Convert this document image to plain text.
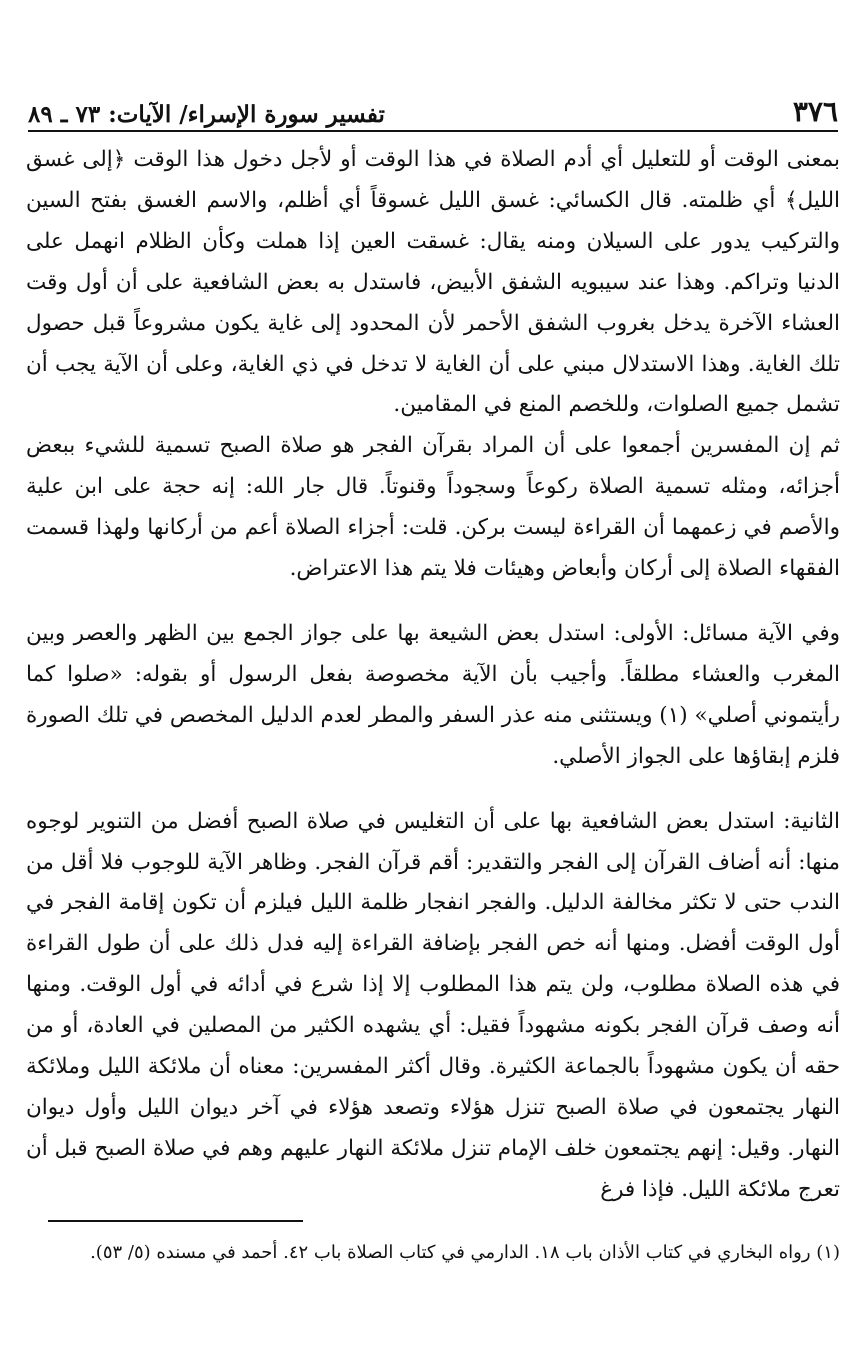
٣٧٦
تفسير سورة الإسراء/ الآيات: ٧٣ ـ ٨٩

بمعنى الوقت أو للتعليل أي أدم الصلاة في هذا الوقت أو لأجل دخول هذا الوقت ﴿إلى غسق الليل﴾ أي ظلمته. قال الكسائي: غسق الليل غسوقاً أي أظلم، والاسم الغسق بفتح السين والتركيب يدور على السيلان ومنه يقال: غسقت العين إذا هملت وكأن الظلام انهمل على الدنيا وتراكم. وهذا عند سيبويه الشفق الأبيض، فاستدل به بعض الشافعية على أن أول وقت العشاء الآخرة يدخل بغروب الشفق الأحمر لأن المحدود إلى غاية يكون مشروعاً قبل حصول تلك الغاية. وهذا الاستدلال مبني على أن الغاية لا تدخل في ذي الغاية، وعلى أن الآية يجب أن تشمل جميع الصلوات، وللخصم المنع في المقامين.

ثم إن المفسرين أجمعوا على أن المراد بقرآن الفجر هو صلاة الصبح تسمية للشيء ببعض أجزائه، ومثله تسمية الصلاة ركوعاً وسجوداً وقنوتاً. قال جار الله: إنه حجة على ابن علية والأصم في زعمهما أن القراءة ليست بركن. قلت: أجزاء الصلاة أعم من أركانها ولهذا قسمت الفقهاء الصلاة إلى أركان وأبعاض وهيئات فلا يتم هذا الاعتراض.

وفي الآية مسائل: الأولى: استدل بعض الشيعة بها على جواز الجمع بين الظهر والعصر وبين المغرب والعشاء مطلقاً. وأجيب بأن الآية مخصوصة بفعل الرسول أو بقوله: «صلوا كما رأيتموني أصلي» (١) ويستثنى منه عذر السفر والمطر لعدم الدليل المخصص في تلك الصورة فلزم إبقاؤها على الجواز الأصلي.

الثانية: استدل بعض الشافعية بها على أن التغليس في صلاة الصبح أفضل من التنوير لوجوه منها: أنه أضاف القرآن إلى الفجر والتقدير: أقم قرآن الفجر. وظاهر الآية للوجوب فلا أقل من الندب حتى لا تكثر مخالفة الدليل. والفجر انفجار ظلمة الليل فيلزم أن تكون إقامة الفجر في أول الوقت أفضل. ومنها أنه خص الفجر بإضافة القراءة إليه فدل ذلك على أن طول القراءة في هذه الصلاة مطلوب، ولن يتم هذا المطلوب إلا إذا شرع في أدائه في أول الوقت. ومنها أنه وصف قرآن الفجر بكونه مشهوداً فقيل: أي يشهده الكثير من المصلين في العادة، أو من حقه أن يكون مشهوداً بالجماعة الكثيرة. وقال أكثر المفسرين: معناه أن ملائكة الليل وملائكة النهار يجتمعون في صلاة الصبح تنزل هؤلاء وتصعد هؤلاء في آخر ديوان الليل وأول ديوان النهار. وقيل: إنهم يجتمعون خلف الإمام تنزل ملائكة النهار عليهم وهم في صلاة الصبح قبل أن تعرج ملائكة الليل. فإذا فرغ

(١) رواه البخاري في كتاب الأذان باب ١٨. الدارمي في كتاب الصلاة باب ٤٢. أحمد في مسنده (٥/ ٥٣).
